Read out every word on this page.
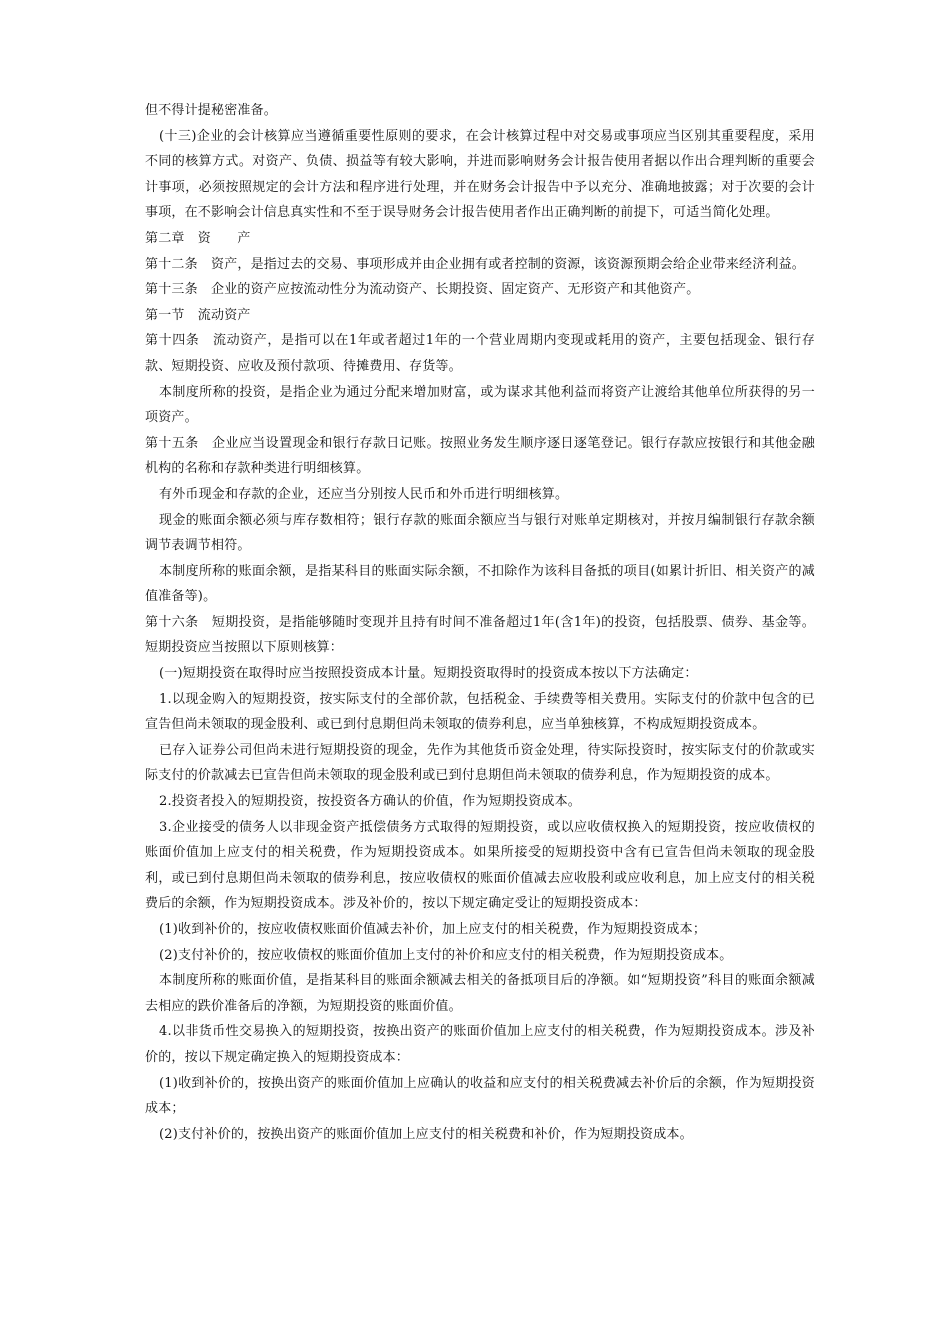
但不得计提秘密准备。

(十三)企业的会计核算应当遵循重要性原则的要求，在会计核算过程中对交易或事项应当区别其重要程度，采用不同的核算方式。对资产、负债、损益等有较大影响，并进而影响财务会计报告使用者据以作出合理判断的重要会计事项，必须按照规定的会计方法和程序进行处理，并在财务会计报告中予以充分、准确地披露；对于次要的会计事项，在不影响会计信息真实性和不至于误导财务会计报告使用者作出正确判断的前提下，可适当简化处理。

第二章　资　　产

第十二条　资产，是指过去的交易、事项形成并由企业拥有或者控制的资源，该资源预期会给企业带来经济利益。

第十三条　企业的资产应按流动性分为流动资产、长期投资、固定资产、无形资产和其他资产。

第一节　流动资产

第十四条　流动资产，是指可以在1年或者超过1年的一个营业周期内变现或耗用的资产，主要包括现金、银行存款、短期投资、应收及预付款项、待摊费用、存货等。

本制度所称的投资，是指企业为通过分配来增加财富，或为谋求其他利益而将资产让渡给其他单位所获得的另一项资产。

第十五条　企业应当设置现金和银行存款日记账。按照业务发生顺序逐日逐笔登记。银行存款应按银行和其他金融机构的名称和存款种类进行明细核算。

有外币现金和存款的企业，还应当分别按人民币和外币进行明细核算。

现金的账面余额必须与库存数相符；银行存款的账面余额应当与银行对账单定期核对，并按月编制银行存款余额调节表调节相符。

本制度所称的账面余额，是指某科目的账面实际余额，不扣除作为该科目备抵的项目(如累计折旧、相关资产的减值准备等)。

第十六条　短期投资，是指能够随时变现并且持有时间不准备超过1年(含1年)的投资，包括股票、债券、基金等。短期投资应当按照以下原则核算：

(一)短期投资在取得时应当按照投资成本计量。短期投资取得时的投资成本按以下方法确定：

1.以现金购入的短期投资，按实际支付的全部价款，包括税金、手续费等相关费用。实际支付的价款中包含的已宣告但尚未领取的现金股利、或已到付息期但尚未领取的债券利息，应当单独核算，不构成短期投资成本。

已存入证券公司但尚未进行短期投资的现金，先作为其他货币资金处理，待实际投资时，按实际支付的价款或实际支付的价款减去已宣告但尚未领取的现金股利或已到付息期但尚未领取的债券利息，作为短期投资的成本。

2.投资者投入的短期投资，按投资各方确认的价值，作为短期投资成本。

3.企业接受的债务人以非现金资产抵偿债务方式取得的短期投资，或以应收债权换入的短期投资，按应收债权的账面价值加上应支付的相关税费，作为短期投资成本。如果所接受的短期投资中含有已宣告但尚未领取的现金股利，或已到付息期但尚未领取的债券利息，按应收债权的账面价值减去应收股利或应收利息，加上应支付的相关税费后的余额，作为短期投资成本。涉及补价的，按以下规定确定受让的短期投资成本：

(1)收到补价的，按应收债权账面价值减去补价，加上应支付的相关税费，作为短期投资成本；

(2)支付补价的，按应收债权的账面价值加上支付的补价和应支付的相关税费，作为短期投资成本。

本制度所称的账面价值，是指某科目的账面余额减去相关的备抵项目后的净额。如“短期投资”科目的账面余额减去相应的跌价准备后的净额，为短期投资的账面价值。

4.以非货币性交易换入的短期投资，按换出资产的账面价值加上应支付的相关税费，作为短期投资成本。涉及补价的，按以下规定确定换入的短期投资成本：

(1)收到补价的，按换出资产的账面价值加上应确认的收益和应支付的相关税费减去补价后的余额，作为短期投资成本；

(2)支付补价的，按换出资产的账面价值加上应支付的相关税费和补价，作为短期投资成本。
